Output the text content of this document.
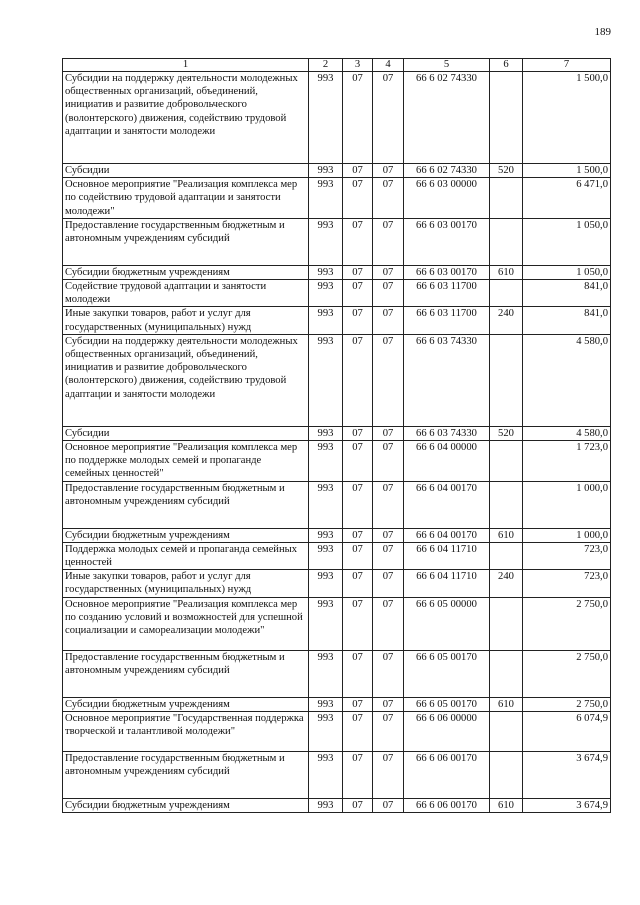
189
1	2	3	4	5	6	7
Субсидии на поддержку деятельности молодежных общественных организаций, объединений, инициатив и развитие добровольческого (волонтерского) движения, содействию трудовой адаптации и занятости молодежи	993	07	07	66 6 02 74330		1 500,0
Субсидии	993	07	07	66 6 02 74330	520	1 500,0
Основное мероприятие "Реализация комплекса мер по содействию трудовой адаптации и занятости молодежи"	993	07	07	66 6 03 00000		6 471,0
Предоставление государственным бюджетным и автономным учреждениям субсидий	993	07	07	66 6 03 00170		1 050,0
Субсидии бюджетным учреждениям	993	07	07	66 6 03 00170	610	1 050,0
Содействие трудовой адаптации и занятости молодежи	993	07	07	66 6 03 11700		841,0
Иные закупки товаров, работ и услуг для государственных (муниципальных) нужд	993	07	07	66 6 03 11700	240	841,0
Субсидии на поддержку деятельности молодежных общественных организаций, объединений, инициатив и развитие добровольческого (волонтерского) движения, содействию трудовой адаптации и занятости молодежи	993	07	07	66 6 03 74330		4 580,0
Субсидии	993	07	07	66 6 03 74330	520	4 580,0
Основное мероприятие "Реализация комплекса мер по поддержке молодых семей и пропаганде семейных ценностей"	993	07	07	66 6 04 00000		1 723,0
Предоставление государственным бюджетным и автономным учреждениям субсидий	993	07	07	66 6 04 00170		1 000,0
Субсидии бюджетным учреждениям	993	07	07	66 6 04 00170	610	1 000,0
Поддержка молодых семей и пропаганда семейных ценностей	993	07	07	66 6 04 11710		723,0
Иные закупки товаров, работ и услуг для государственных (муниципальных) нужд	993	07	07	66 6 04 11710	240	723,0
Основное мероприятие "Реализация комплекса мер по созданию условий и возможностей для успешной социализации и самореализации молодежи"	993	07	07	66 6 05 00000		2 750,0
Предоставление государственным бюджетным и автономным учреждениям субсидий	993	07	07	66 6 05 00170		2 750,0
Субсидии бюджетным учреждениям	993	07	07	66 6 05 00170	610	2 750,0
Основное мероприятие "Государственная поддержка творческой и талантливой молодежи"	993	07	07	66 6 06 00000		6 074,9
Предоставление государственным бюджетным и автономным учреждениям субсидий	993	07	07	66 6 06 00170		3 674,9
Субсидии бюджетным учреждениям	993	07	07	66 6 06 00170	610	3 674,9
